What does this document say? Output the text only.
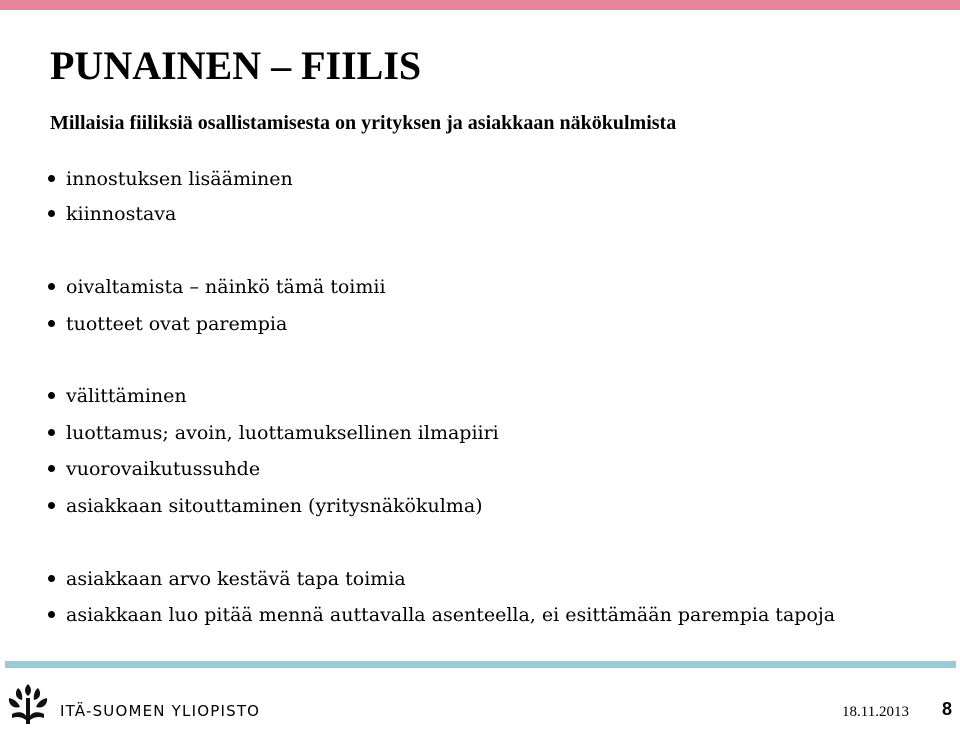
PUNAINEN – FIILIS
Millaisia fiiliksiä osallistamisesta on yrityksen ja asiakkaan näkökulmista
innostuksen lisääminen
kiinnostava
oivaltamista – näinkö tämä toimii
tuotteet ovat parempia
välittäminen
luottamus; avoin, luottamuksellinen ilmapiiri
vuorovaikutussuhde
asiakkaan sitouttaminen (yritysnäkökulma)
asiakkaan arvo kestävä tapa toimia
asiakkaan luo pitää mennä auttavalla asenteella, ei esittämään parempia tapoja
ITÄ-SUOMEN YLIOPISTO	18.11.2013 8
